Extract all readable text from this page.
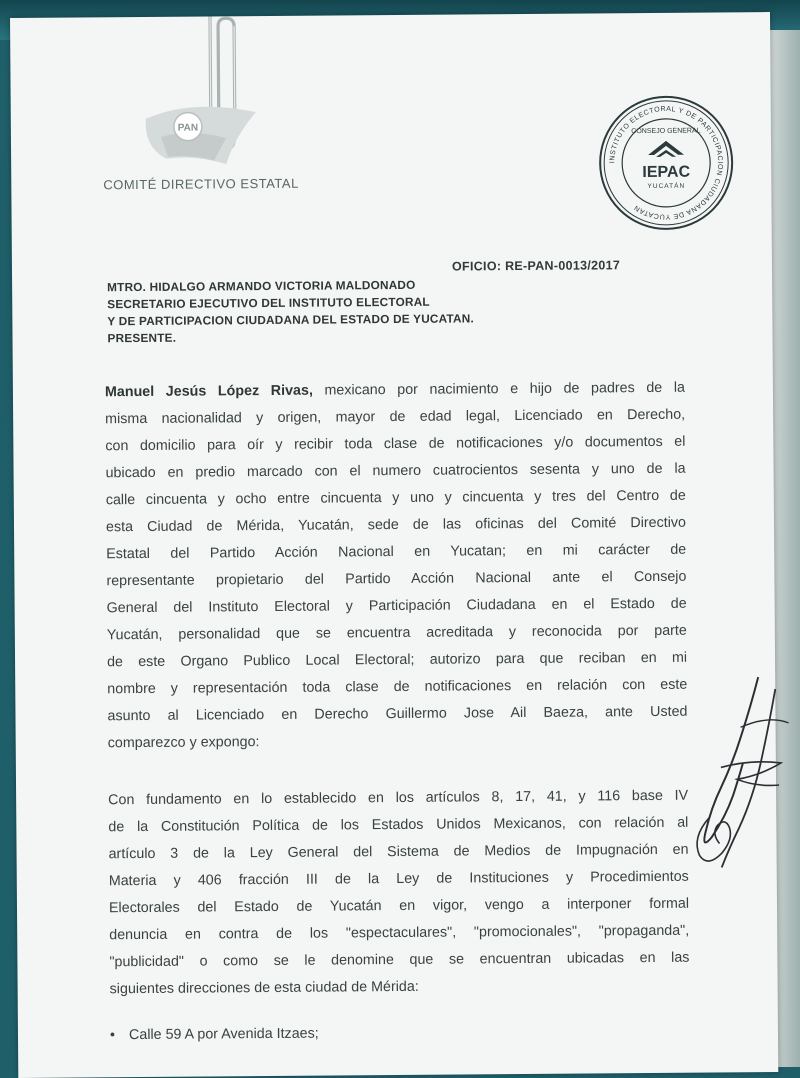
PAN
COMITÉ DIRECTIVO ESTATAL
INSTITUTO ELECTORAL Y DE PARTICIPACION CIUDADANA DE YUCATAN
CONSEJO GENERAL
IEPAC
YUCATÁN
OFICIO: RE-PAN-0013/2017
MTRO. HIDALGO ARMANDO VICTORIA MALDONADO
SECRETARIO EJECUTIVO DEL INSTITUTO ELECTORAL
Y DE PARTICIPACION CIUDADANA DEL ESTADO DE YUCATAN.
PRESENTE.
Manuel Jesús López Rivas, mexicano por nacimiento e hijo de padres de la
misma nacionalidad y origen, mayor de edad legal, Licenciado en Derecho,
con domicilio para oír y recibir toda clase de notificaciones y/o documentos el
ubicado en predio marcado con el numero cuatrocientos sesenta y uno de la
calle cincuenta y ocho entre cincuenta y uno y cincuenta y tres del Centro de
esta Ciudad de Mérida, Yucatán, sede de las oficinas del Comité Directivo
Estatal del Partido Acción Nacional en Yucatan; en mi carácter de
representante propietario del Partido Acción Nacional ante el Consejo
General del Instituto Electoral y Participación Ciudadana en el Estado de
Yucatán, personalidad que se encuentra acreditada y reconocida por parte
de este Organo Publico Local Electoral; autorizo para que reciban en mi
nombre y representación toda clase de notificaciones en relación con este
asunto al Licenciado en Derecho Guillermo Jose Ail Baeza, ante Usted
comparezco y expongo:
Con fundamento en lo establecido en los artículos 8, 17, 41, y 116 base IV
de la Constitución Política de los Estados Unidos Mexicanos, con relación al
artículo 3 de la Ley General del Sistema de Medios de Impugnación en
Materia y 406 fracción III de la Ley de Instituciones y Procedimientos
Electorales del Estado de Yucatán en vigor, vengo a interponer formal
denuncia en contra de los "espectaculares", "promocionales", "propaganda",
"publicidad" o como se le denomine que se encuentran ubicadas en las
siguientes direcciones de esta ciudad de Mérida:
• Calle 59 A por Avenida Itzaes;
